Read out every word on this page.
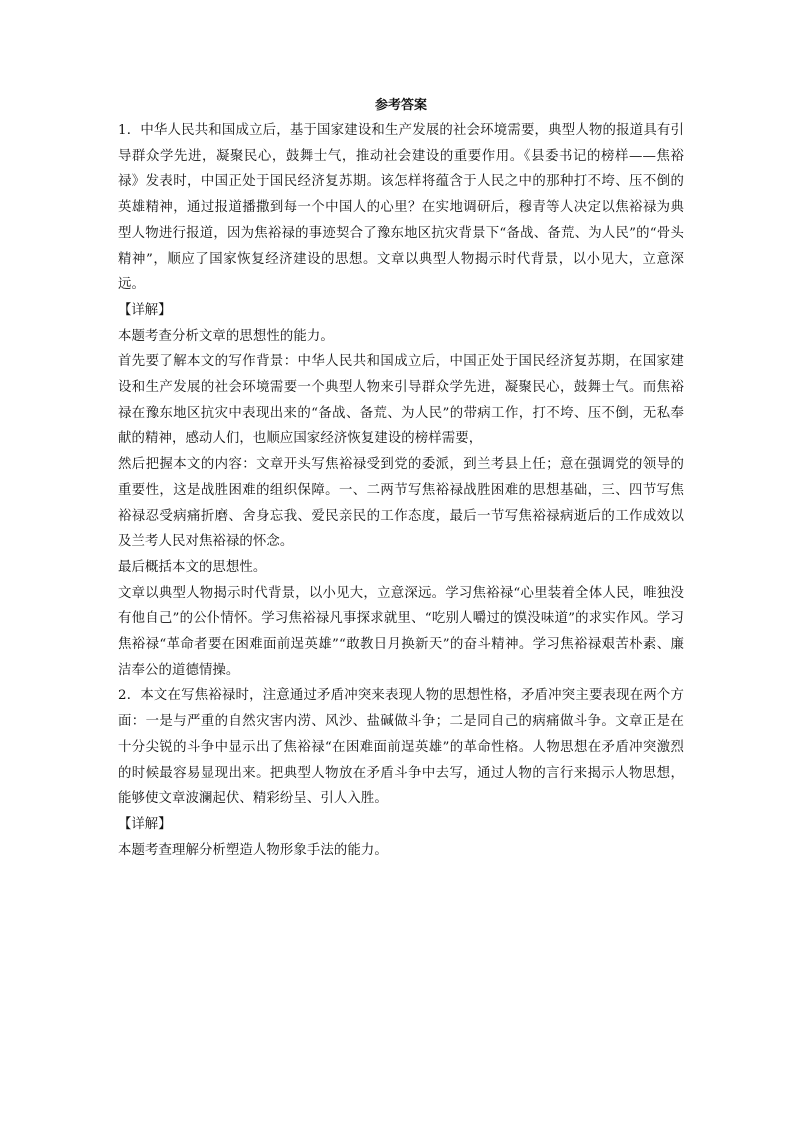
参考答案

1．中华人民共和国成立后，基于国家建设和生产发展的社会环境需要，典型人物的报道具有引导群众学先进，凝聚民心，鼓舞士气，推动社会建设的重要作用。《县委书记的榜样——焦裕禄》发表时，中国正处于国民经济复苏期。该怎样将蕴含于人民之中的那种打不垮、压不倒的英雄精神，通过报道播撒到每一个中国人的心里？在实地调研后，穆青等人决定以焦裕禄为典型人物进行报道，因为焦裕禄的事迹契合了豫东地区抗灾背景下“备战、备荒、为人民”的“骨头精神”，顺应了国家恢复经济建设的思想。文章以典型人物揭示时代背景，以小见大，立意深远。

【详解】

本题考查分析文章的思想性的能力。

首先要了解本文的写作背景：中华人民共和国成立后，中国正处于国民经济复苏期，在国家建设和生产发展的社会环境需要一个典型人物来引导群众学先进，凝聚民心，鼓舞士气。而焦裕禄在豫东地区抗灾中表现出来的“备战、备荒、为人民”的带病工作，打不垮、压不倒，无私奉献的精神，感动人们，也顺应国家经济恢复建设的榜样需要，

然后把握本文的内容：文章开头写焦裕禄受到党的委派，到兰考县上任；意在强调党的领导的重要性，这是战胜困难的组织保障。一、二两节写焦裕禄战胜困难的思想基础，三、四节写焦裕禄忍受病痛折磨、舍身忘我、爱民亲民的工作态度，最后一节写焦裕禄病逝后的工作成效以及兰考人民对焦裕禄的怀念。

最后概括本文的思想性。

文章以典型人物揭示时代背景，以小见大，立意深远。学习焦裕禄“心里装着全体人民，唯独没有他自己”的公仆情怀。学习焦裕禄凡事探求就里、“吃别人嚼过的馍没味道”的求实作风。学习焦裕禄“革命者要在困难面前逞英雄”“敢教日月换新天”的奋斗精神。学习焦裕禄艰苦朴素、廉洁奉公的道德情操。

2．本文在写焦裕禄时，注意通过矛盾冲突来表现人物的思想性格，矛盾冲突主要表现在两个方面：一是与严重的自然灾害内涝、风沙、盐碱做斗争；二是同自己的病痛做斗争。文章正是在十分尖锐的斗争中显示出了焦裕禄“在困难面前逞英雄”的革命性格。人物思想在矛盾冲突激烈的时候最容易显现出来。把典型人物放在矛盾斗争中去写，通过人物的言行来揭示人物思想，能够使文章波澜起伏、精彩纷呈、引人入胜。

【详解】

本题考查理解分析塑造人物形象手法的能力。
